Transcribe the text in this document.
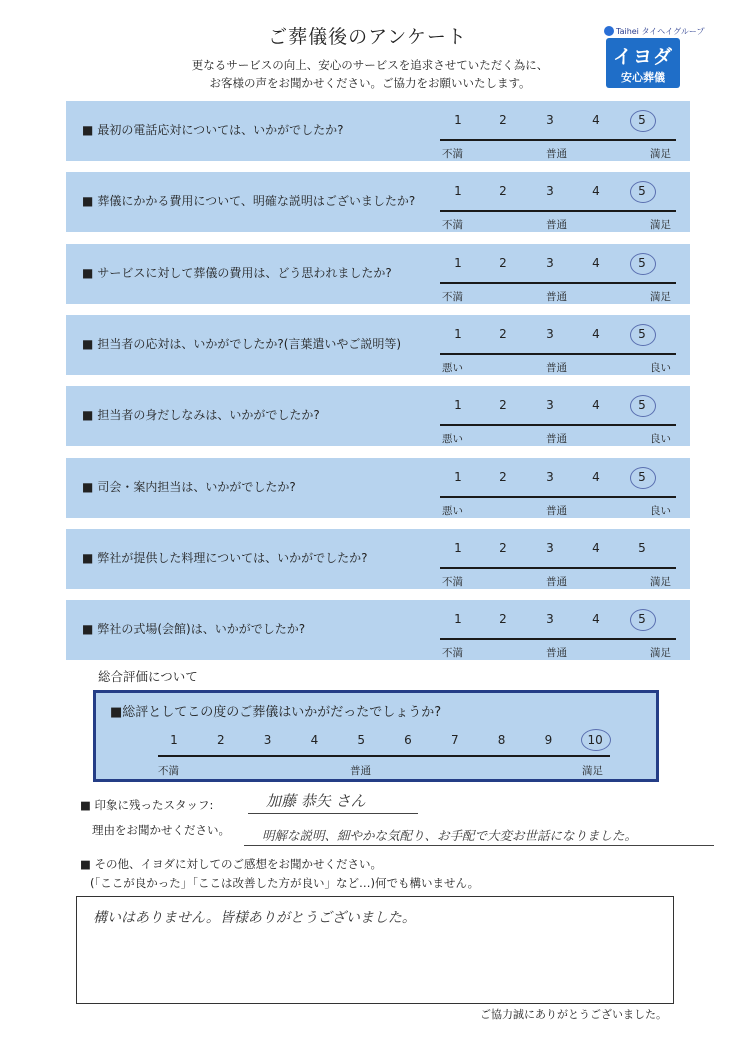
ご葬儀後のアンケート
更なるサービスの向上、安心のサービスを追求させていただく為に、
お客様の声をお聞かせください。ご協力をお願いいたします。
Taihei タイヘイグループ
イヨダ
安心葬儀
■ 最初の電話応対については、いかがでしたか?
1	2	3	4	5
不満	普通	満足
■ 葬儀にかかる費用について、明確な説明はございましたか?
1	2	3	4	5
不満	普通	満足
■ サービスに対して葬儀の費用は、どう思われましたか?
1	2	3	4	5
不満	普通	満足
■ 担当者の応対は、いかがでしたか?(言葉遣いやご説明等)
1	2	3	4	5
悪い	普通	良い
■ 担当者の身だしなみは、いかがでしたか?
1	2	3	4	5
悪い	普通	良い
■ 司会・案内担当は、いかがでしたか?
1	2	3	4	5
悪い	普通	良い
■ 弊社が提供した料理については、いかがでしたか?
1	2	3	4	5
不満	普通	満足
■ 弊社の式場(会館)は、いかがでしたか?
1	2	3	4	5
不満	普通	満足
総合評価について
■総評としてこの度のご葬儀はいかがだったでしょうか?
不満	普通	満足
1	2	3	4	5	6	7	8	9	10
■ 印象に残ったスタッフ:	加藤 恭矢 さん
理由をお聞かせください。	明解な説明、細やかな気配り、お手配で大変お世話になりました。
■ その他、イヨダに対してのご感想をお聞かせください。
(「ここが良かった」「ここは改善した方が良い」など…)何でも構いません。
構いはありません。皆様ありがとうございました。
ご協力誠にありがとうございました。
